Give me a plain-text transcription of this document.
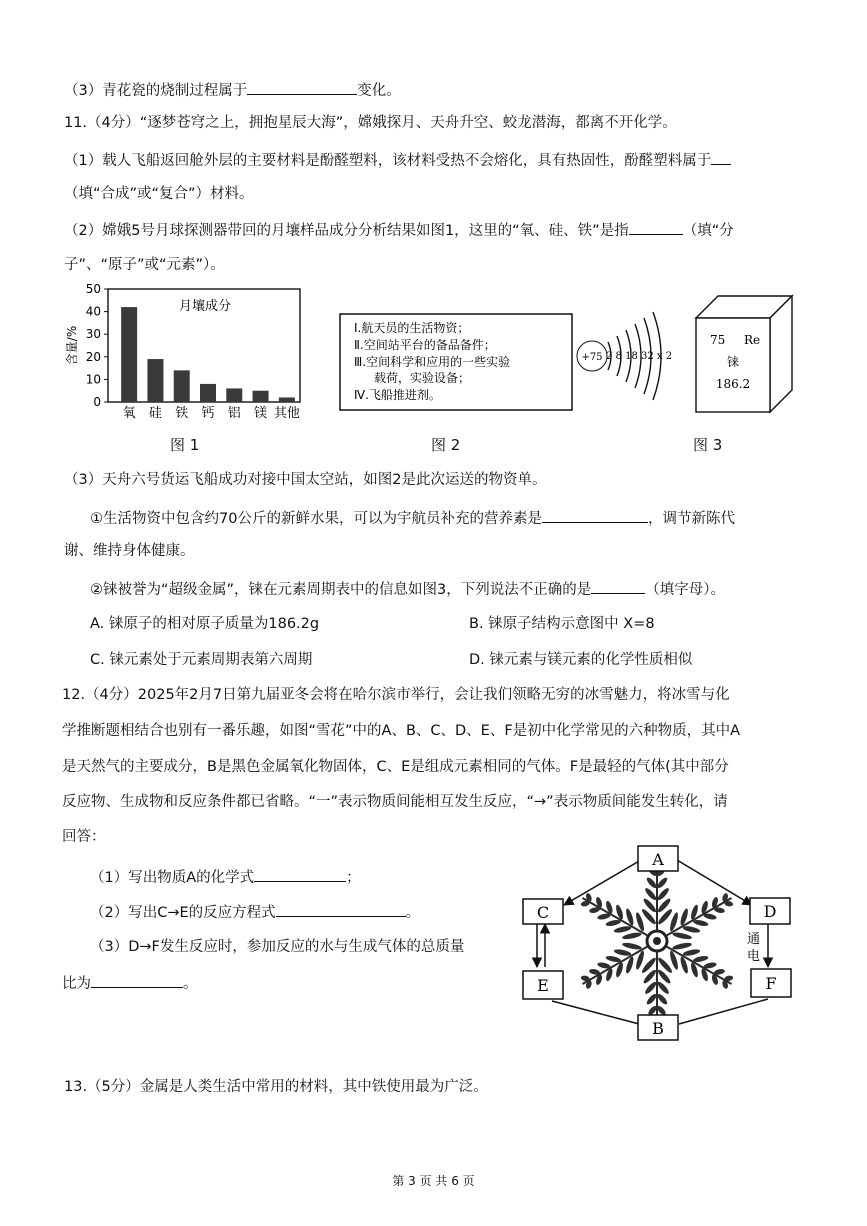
（3）青花瓷的烧制过程属于	变化。
11.（4分）“逐梦苍穹之上，拥抱星辰大海”，嫦娥探月、天舟升空、蛟龙潜海，都离不开化学。
（1）载人飞船返回舱外层的主要材料是酚醛塑料，该材料受热不会熔化，具有热固性，酚醛塑料属于
（填“合成”或“复合”）材料。
（2）嫦娥5号月球探测器带回的月壤样品成分分析结果如图1，这里的“氧、硅、铁”是指	（填“分
子”、“原子”或“元素”）。
0
10
20
30
40
50
含量/%
月壤成分
氧 硅 铁 钙 铝 镁 其他
图 1
Ⅰ.航天员的生活物资；
Ⅱ.空间站平台的备品备件；
Ⅲ.空间科学和应用的一些实验
载荷，实验设备；
Ⅳ.飞船推进剂。
+75 2 8 18 32 x 2
图 2
75 Re
铼
186.2
图 3
（3）天舟六号货运飞船成功对接中国太空站，如图2是此次运送的物资单。
①生活物资中包含约70公斤的新鲜水果，可以为宇航员补充的营养素是	，调节新陈代
谢、维持身体健康。
②铼被誉为“超级金属”，铼在元素周期表中的信息如图3，下列说法不正确的是	（填字母）。
A. 铼原子的相对原子质量为186.2g	B. 铼原子结构示意图中 X=8
C. 铼元素处于元素周期表第六周期	D. 铼元素与镁元素的化学性质相似
12.（4分）2025年2月7日第九届亚冬会将在哈尔滨市举行，会让我们领略无穷的冰雪魅力，将冰雪与化
学推断题相结合也别有一番乐趣，如图“雪花”中的A、B、C、D、E、F是初中化学常见的六种物质，其中A
是天然气的主要成分，B是黑色金属氧化物固体，C、E是组成元素相同的气体。F是最轻的气体(其中部分
反应物、生成物和反应条件都已省略。“一”表示物质间能相互发生反应，“→”表示物质间能发生转化，请
回答：
（1）写出物质A的化学式	；
（2）写出C→E的反应方程式	。
（3）D→F发生反应时，参加反应的水与生成气体的总质量
比为	。
通
电
A
C	D
E	F
B
13.（5分）金属是人类生活中常用的材料，其中铁使用最为广泛。
第 3 页 共 6 页
